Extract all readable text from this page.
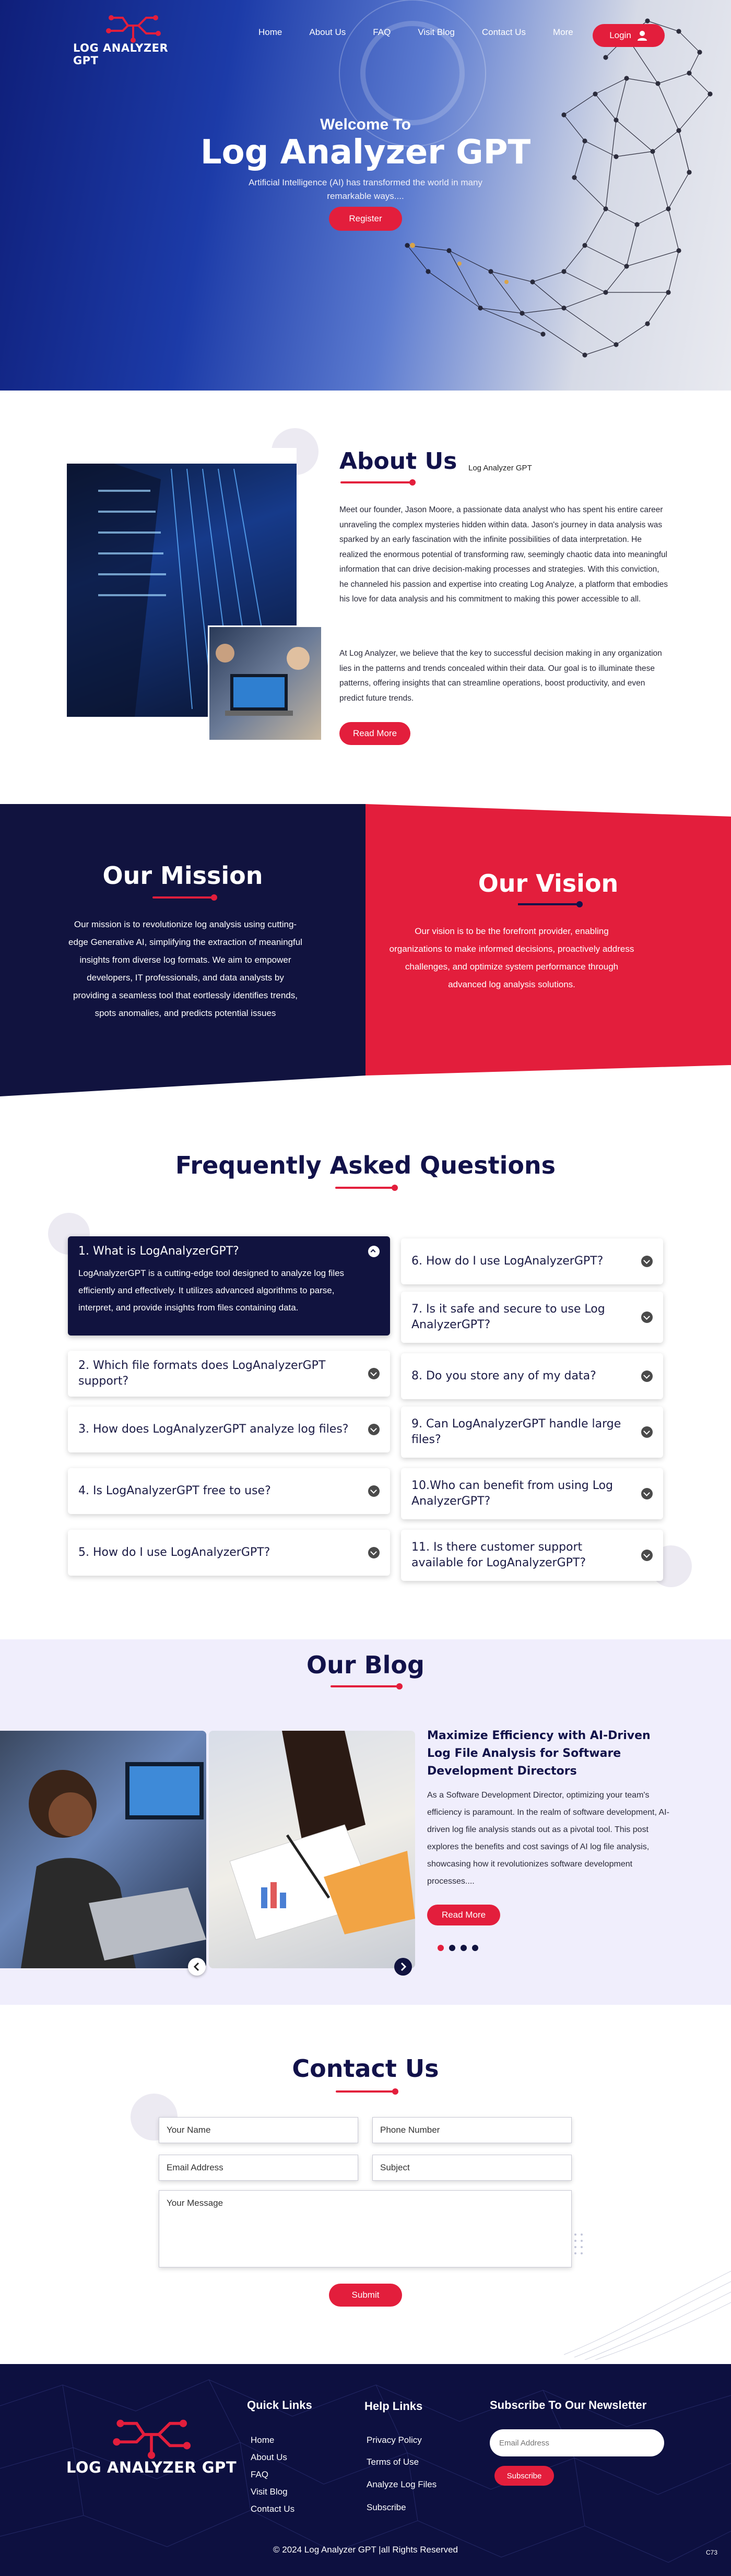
LOG ANALYZER GPT
Home	About Us	FAQ	Visit Blog	Contact Us	More	Login
Welcome To
Log Analyzer GPT
Artificial Intelligence (AI) has transformed the world in many remarkable ways....
Register
About Us Log Analyzer GPT

Meet our founder, Jason Moore, a passionate data analyst who has spent his entire career unraveling the complex mysteries hidden within data. Jason's journey in data analysis was sparked by an early fascination with the infinite possibilities of data interpretation. He realized the enormous potential of transforming raw, seemingly chaotic data into meaningful information that can drive decision-making processes and strategies. With this conviction, he channeled his passion and expertise into creating Log Analyze, a platform that embodies his love for data analysis and his commitment to making this power accessible to all.

At Log Analyzer, we believe that the key to successful decision making in any organization lies in the patterns and trends concealed within their data. Our goal is to illuminate these patterns, offering insights that can streamline operations, boost productivity, and even predict future trends.

Read More
Our Mission

Our mission is to revolutionize log analysis using cutting-edge Generative AI, simplifying the extraction of meaningful insights from diverse log formats. We aim to empower developers, IT professionals, and data analysts by providing a seamless tool that eortlessly identifies trends, spots anomalies, and predicts potential issues

Our Vision

Our vision is to be the forefront provider, enabling organizations to make informed decisions, proactively address challenges, and optimize system performance through advanced log analysis solutions.

Frequently Asked Questions
1. What is LogAnalyzerGPT?

LogAnalyzerGPT is a cutting-edge tool designed to analyze log files efficiently and effectively. It utilizes advanced algorithms to parse, interpret, and provide insights from files containing data.

2. Which file formats does LogAnalyzerGPT support?
3. How does LogAnalyzerGPT analyze log files?
4. Is LogAnalyzerGPT free to use?
5. How do I use LogAnalyzerGPT?
6. How do I use LogAnalyzerGPT?
7. Is it safe and secure to use Log AnalyzerGPT?
8. Do you store any of my data?
9. Can LogAnalyzerGPT handle large files?
10.Who can benefit from using Log AnalyzerGPT?
11. Is there customer support available for LogAnalyzerGPT?
Our Blog
Maximize Efficiency with AI-Driven Log File Analysis for Software Development Directors

As a Software Development Director, optimizing your team's efficiency is paramount. In the realm of software development, AI-driven log file analysis stands out as a pivotal tool. This post explores the benefits and cost savings of AI log file analysis, showcasing how it revolutionizes software development processes....

Read More
Contact Us
Your Name
Phone Number
Email Address
Subject
Your Message
Submit
LOG ANALYZER GPT
Quick Links
Home
About Us
FAQ
Visit Blog
Contact Us
Help Links
Privacy Policy
Terms of Use
Analyze Log Files
Subscribe
Subscribe To Our Newsletter
Email Address
Subscribe
© 2024 Log Analyzer GPT |all Rights Reserved	C73
